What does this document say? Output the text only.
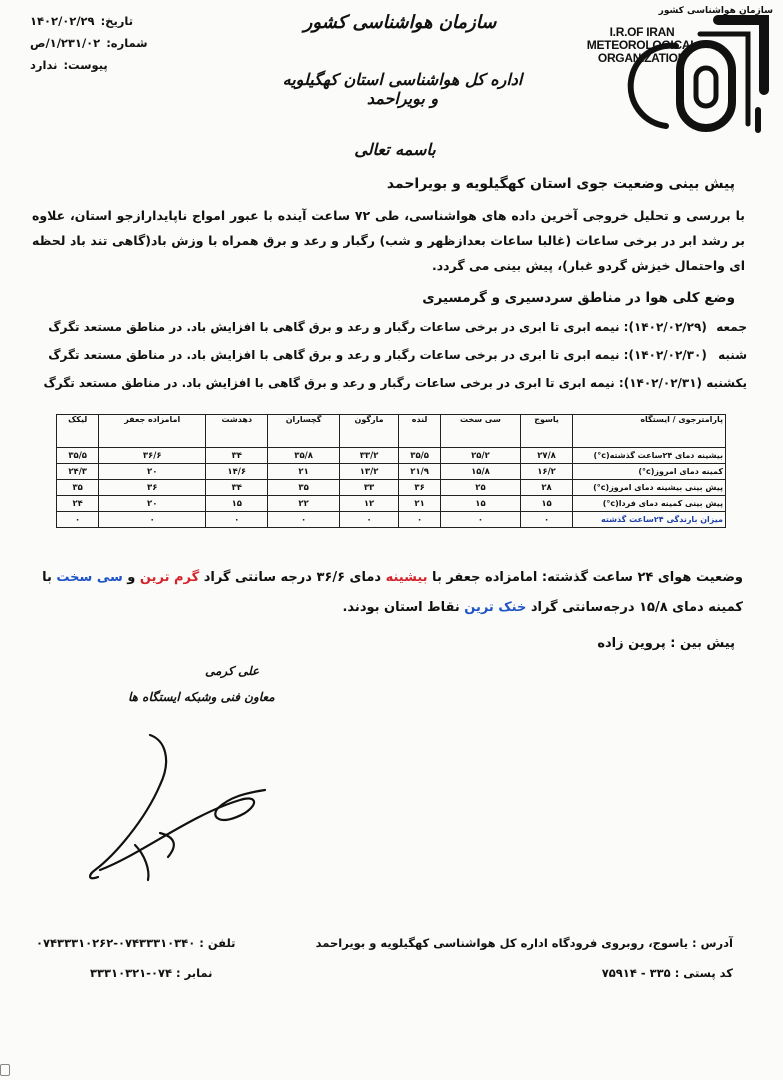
تاریخ:
۱۴۰۲/۰۲/۲۹
شماره:
۱/۲۳۱/۰۲/ص
پیوست:
ندارد
سازمان هواشناسی کشور
اداره کل هواشناسی استان کهگیلویه و بویراحمد
سازمان هواشناسی کشور
I.R.OF IRAN
METEOROLOGICAL
ORGANIZATION
باسمه تعالی
پیش بینی وضعیت جوی استان کهگیلویه و بویراحمد
با بررسی و تحلیل خروجی آخرین داده های هواشناسی، طی ۷۲ ساعت آینده با عبور امواج ناپایدارازجو استان، علاوه بر رشد ابر در برخی ساعات (غالبا ساعات بعدازظهر و شب) رگبار و رعد و برق همراه با وزش باد(گاهی تند باد لحظه ای واحتمال خیزش گردو غبار)، پیش بینی می گردد.
وضع کلی هوا در مناطق سردسیری و گرمسیری
جمعه (۱۴۰۲/۰۲/۲۹): نیمه ابری تا ابری در برخی ساعات رگبار و رعد و برق گاهی با افزایش باد. در مناطق مستعد تگرگ
شنبه (۱۴۰۲/۰۲/۳۰): نیمه ابری تا ابری در برخی ساعات رگبار و رعد و برق گاهی با افزایش باد. در مناطق مستعد تگرگ
یکشنبه (۱۴۰۲/۰۲/۳۱): نیمه ابری تا ابری در برخی ساعات رگبار و رعد و برق گاهی با افزایش باد. در مناطق مستعد تگرگ
پارامترجوی / ایستگاه	یاسوج	سی سخت	لنده	مارگون	گچساران	دهدشت	امامزاده جعفر	لیکک
بیشینه دمای ۲۴ساعت گذشته(c°)	۲۷/۸	۲۵/۲	۳۵/۵	۳۳/۲	۳۵/۸	۳۴	۳۶/۶	۳۵/۵
کمینه دمای امروز(c°)	۱۶/۲	۱۵/۸	۲۱/۹	۱۳/۲	۲۱	۱۴/۶	۲۰	۲۴/۳
پیش بینی بیشینه دمای امروز(c°)	۲۸	۲۵	۳۶	۳۳	۳۵	۳۴	۳۶	۳۵
پیش بینی کمینه دمای فردا(c°)	۱۵	۱۵	۲۱	۱۲	۲۲	۱۵	۲۰	۲۴
میزان بارندگی ۲۴ساعت گذشته	۰	۰	۰	۰	۰	۰	۰	۰
وضعیت هوای ۲۴ ساعت گذشته: امامزاده جعفر با بیشینه دمای ۳۶/۶ درجه سانتی گراد گرم ترین و سی سخت با کمینه دمای ۱۵/۸ درجه‌سانتی گراد خنک ترین نقاط استان بودند.
پیش بین : پروین زاده
علی کرمی
معاون فنی وشبکه ایستگاه ها
آدرس : یاسوج، روبروی فرودگاه اداره کل هواشناسی کهگیلویه و بویراحمد
کد پستی : ۳۳۵ - ۷۵۹۱۴
تلفن : ۰۷۴۳۳۳۱۰۳۴۰-۰۷۴۳۳۳۱۰۲۶۲
نمابر : ۰۷۴-۳۳۳۱۰۳۲۱
